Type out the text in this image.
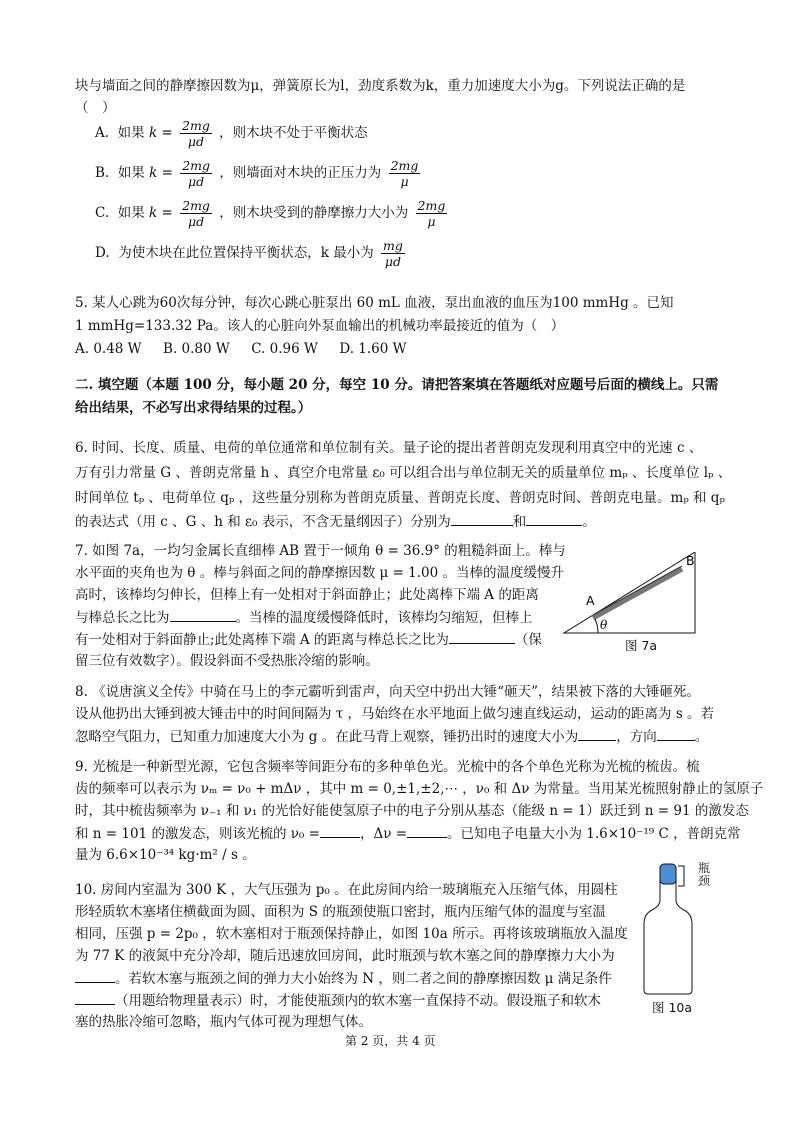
块与墙面之间的静摩擦因数为μ，弹簧原长为l，劲度系数为k，重力加速度大小为g。下列说法正确的是
（　）
A. 如果 $k = \frac{2mg}{\mu d}$ ，则木块不处于平衡状态
B. 如果 $k = \frac{2mg}{\mu d}$ ，则墙面对木块的正压力为 $\frac{2mg}{\mu}$
C. 如果 $k = \frac{2mg}{\mu d}$ ，则木块受到的静摩擦力大小为 $\frac{2mg}{\mu}$
D. 为使木块在此位置保持平衡状态，k 最小为 $\frac{mg}{\mu d}$
5. 某人心跳为60次每分钟，每次心跳心脏泵出 60 mL 血液，泵出血液的血压为100 mmHg 。已知
1 mmHg=133.32 Pa。该人的心脏向外泵血输出的机械功率最接近的值为（　）
A. 0.48 W B. 0.80 W C. 0.96 W D. 1.60 W
二. 填空题（本题 100 分，每小题 20 分，每空 10 分。请把答案填在答题纸对应题号后面的横线上。只需
给出结果，不必写出求得结果的过程。）
6. 时间、长度、质量、电荷的单位通常和单位制有关。量子论的提出者普朗克发现利用真空中的光速 c 、
万有引力常量 G 、普朗克常量 h 、真空介电常量 ε₀ 可以组合出与单位制无关的质量单位 mₚ 、长度单位 lₚ 、
时间单位 tₚ 、电荷单位 qₚ ，这些量分别称为普朗克质量、普朗克长度、普朗克时间、普朗克电量。mₚ 和 qₚ
的表达式（用 c 、G 、h 和 ε₀ 表示，不含无量纲因子）分别为	和	。
7. 如图 7a，一均匀金属长直细棒 AB 置于一倾角 θ = 36.9° 的粗糙斜面上。棒与
水平面的夹角也为 θ 。棒与斜面之间的静摩擦因数 μ = 1.00 。当棒的温度缓慢升
高时，该棒均匀伸长，但棒上有一处相对于斜面静止；此处离棒下端 A 的距离
与棒总长之比为	。当棒的温度缓慢降低时，该棒均匀缩短，但棒上
有一处相对于斜面静止;此处离棒下端 A 的距离与棒总长之比为	（保
留三位有效数字）。假设斜面不受热胀冷缩的影响。
A
B
θ
图 7a
8. 《说唐演义全传》中骑在马上的李元霸听到雷声，向天空中扔出大锤“砸天”，结果被下落的大锤砸死。
设从他扔出大锤到被大锤击中的时间间隔为 τ ，马始终在水平地面上做匀速直线运动，运动的距离为 s 。若
忽略空气阻力，已知重力加速度大小为 g 。在此马背上观察，锤扔出时的速度大小为	，方向	。
9. 光梳是一种新型光源，它包含频率等间距分布的多种单色光。光梳中的各个单色光称为光梳的梳齿。梳
齿的频率可以表示为 νₘ = ν₀ + mΔν ，其中 m = 0,±1,±2,⋯ ，ν₀ 和 Δν 为常量。当用某光梳照射静止的氢原子
时，其中梳齿频率为 ν₋₁ 和 ν₁ 的光恰好能使氢原子中的电子分别从基态（能级 n = 1）跃迁到 n = 91 的激发态
和 n = 101 的激发态，则该光梳的 ν₀ =	，Δν =	。已知电子电量大小为 1.6×10⁻¹⁹ C ，普朗克常
量为 6.6×10⁻³⁴ kg·m² / s 。
10. 房间内室温为 300 K ，大气压强为 p₀ 。在此房间内给一玻璃瓶充入压缩气体，用圆柱
形轻质软木塞堵住横截面为圆、面积为 S 的瓶颈使瓶口密封，瓶内压缩气体的温度与室温
相同，压强 p = 2p₀ ，软木塞相对于瓶颈保持静止，如图 10a 所示。再将该玻璃瓶放入温度
为 77 K 的液氮中充分冷却，随后迅速放回房间，此时瓶颈与软木塞之间的静摩擦力大小为
。若软木塞与瓶颈之间的弹力大小始终为 N ，则二者之间的静摩擦因数 μ 满足条件
（用题给物理量表示）时，才能使瓶颈内的软木塞一直保持不动。假设瓶子和软木
塞的热胀冷缩可忽略，瓶内气体可视为理想气体。
瓶颈
图 10a
第 2 页，共 4 页
